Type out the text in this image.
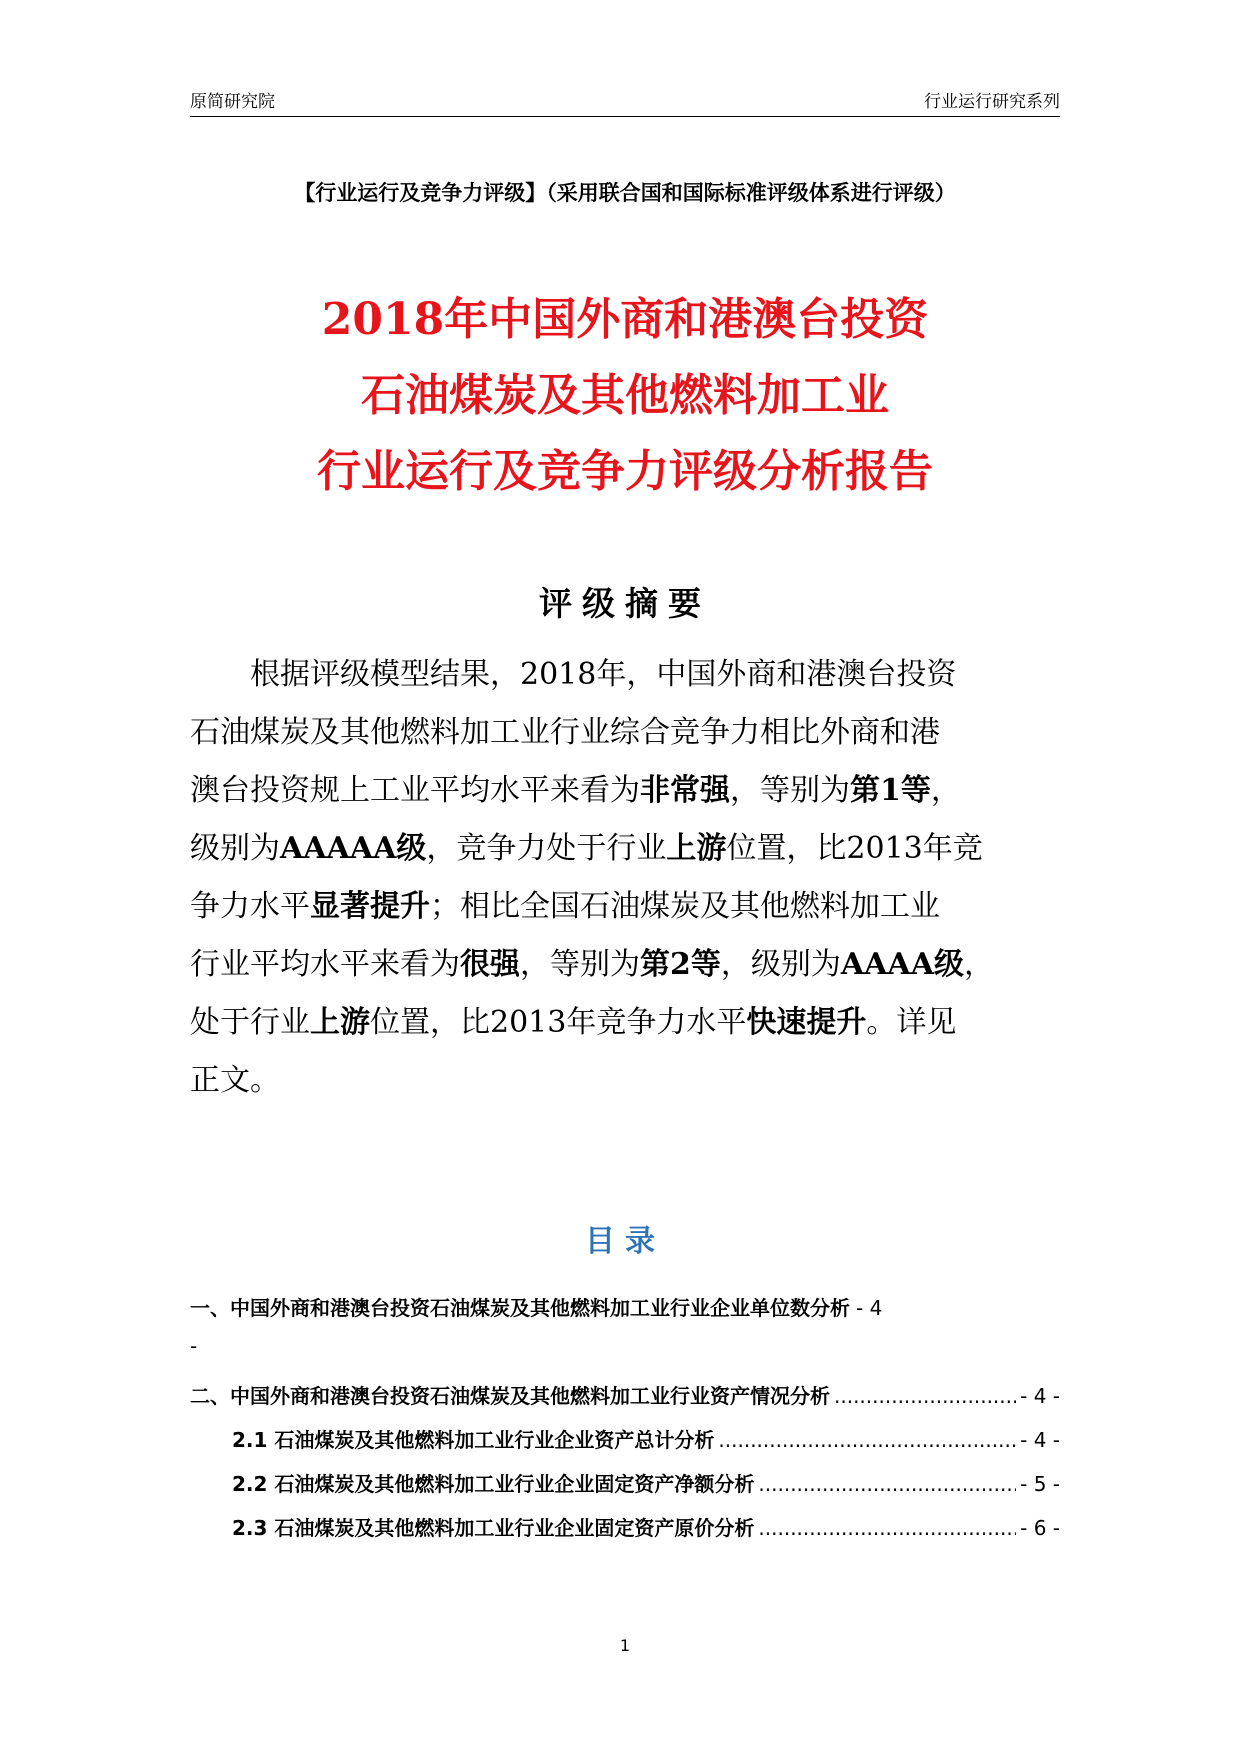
原简研究院	行业运行研究系列
【行业运行及竞争力评级】（采用联合国和国际标准评级体系进行评级）
2018年中国外商和港澳台投资
石油煤炭及其他燃料加工业
行业运行及竞争力评级分析报告
评级摘要
根据评级模型结果，2018年，中国外商和港澳台投资
石油煤炭及其他燃料加工业行业综合竞争力相比外商和港
澳台投资规上工业平均水平来看为非常强，等别为第1等，
级别为AAAAA级，竞争力处于行业上游位置，比2013年竞
争力水平显著提升；相比全国石油煤炭及其他燃料加工业
行业平均水平来看为很强，等别为第2等，级别为AAAA级，
处于行业上游位置，比2013年竞争力水平快速提升。详见
正文。
目录
一、中国外商和港澳台投资石油煤炭及其他燃料加工业行业企业单位数分析 - 4
-
二、中国外商和港澳台投资石油煤炭及其他燃料加工业行业资产情况分析 .....	- 4 -
2.1 石油煤炭及其他燃料加工业行业企业资产总计分析 .....	- 4 -
2.2 石油煤炭及其他燃料加工业行业企业固定资产净额分析 .....	- 5 -
2.3 石油煤炭及其他燃料加工业行业企业固定资产原价分析 .....	- 6 -
1
